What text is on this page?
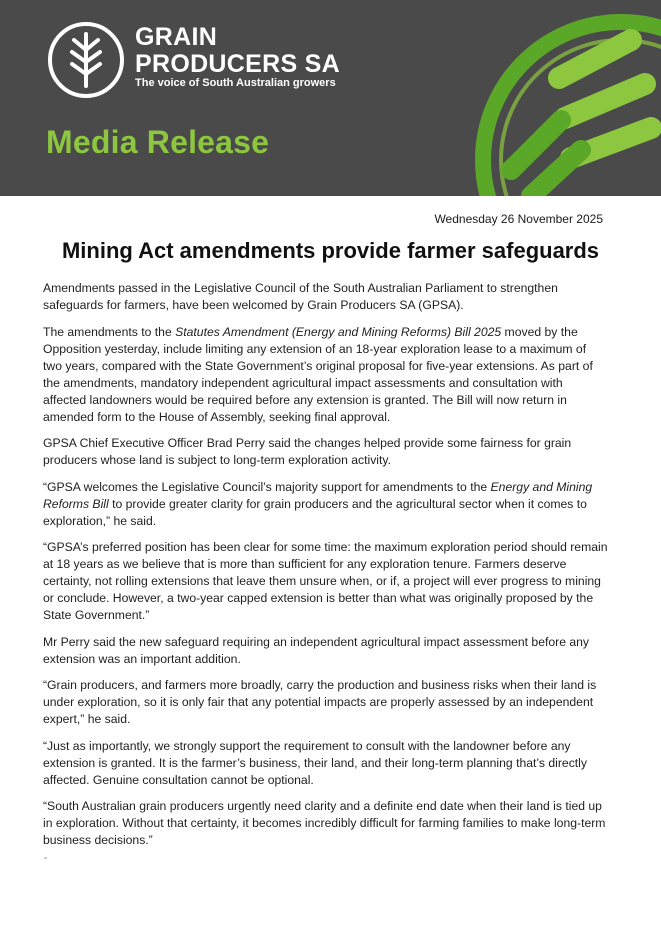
GRAIN
PRODUCERS SA
The voice of South Australian growers
Media Release
Wednesday 26 November 2025
Mining Act amendments provide farmer safeguards

Amendments passed in the Legislative Council of the South Australian Parliament to strengthen safeguards for farmers, have been welcomed by Grain Producers SA (GPSA).

The amendments to the Statutes Amendment (Energy and Mining Reforms) Bill 2025 moved by the Opposition yesterday, include limiting any extension of an 18-year exploration lease to a maximum of two years, compared with the State Government’s original proposal for five-year extensions. As part of the amendments, mandatory independent agricultural impact assessments and consultation with affected landowners would be required before any extension is granted. The Bill will now return in amended form to the House of Assembly, seeking final approval.

GPSA Chief Executive Officer Brad Perry said the changes helped provide some fairness for grain producers whose land is subject to long-term exploration activity.

“GPSA welcomes the Legislative Council’s majority support for amendments to the Energy and Mining Reforms Bill to provide greater clarity for grain producers and the agricultural sector when it comes to exploration,” he said.

“GPSA’s preferred position has been clear for some time: the maximum exploration period should remain at 18 years as we believe that is more than sufficient for any exploration tenure. Farmers deserve certainty, not rolling extensions that leave them unsure when, or if, a project will ever progress to mining or conclude. However, a two-year capped extension is better than what was originally proposed by the State Government.”

Mr Perry said the new safeguard requiring an independent agricultural impact assessment before any extension was an important addition.

“Grain producers, and farmers more broadly, carry the production and business risks when their land is under exploration, so it is only fair that any potential impacts are properly assessed by an independent expert,” he said.

“Just as importantly, we strongly support the requirement to consult with the landowner before any extension is granted. It is the farmer’s business, their land, and their long-term planning that’s directly affected. Genuine consultation cannot be optional.

“South Australian grain producers urgently need clarity and a definite end date when their land is tied up in exploration. Without that certainty, it becomes incredibly difficult for farming families to make long-term business decisions.”

-
